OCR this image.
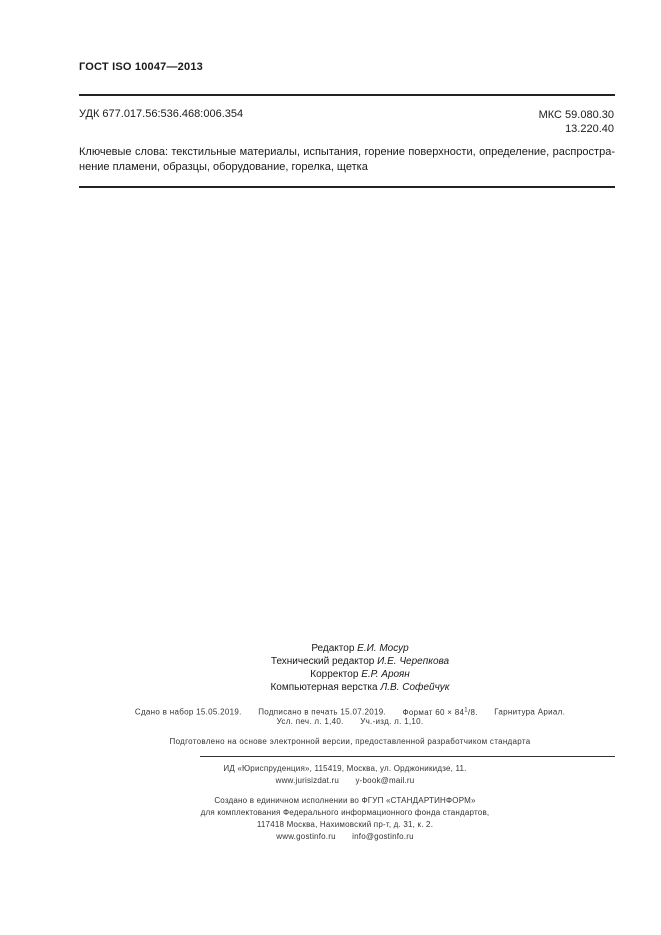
ГОСТ ISO 10047—2013
УДК 677.017.56:536.468:006.354	МКС 59.080.30
13.220.40
Ключевые слова: текстильные материалы, испытания, горение поверхности, определение, распростра- нение пламени, образцы, оборудование, горелка, щетка
Редактор Е.И. Мосур
Технический редактор И.Е. Черепкова
Корректор Е.Р. Ароян
Компьютерная верстка Л.В. Софейчук
Сдано в набор 15.05.2019. Подписано в печать 15.07.2019. Формат $60 \times 84^1/8$. Гарнитура Ариал.
Усл. печ. л. 1,40. Уч.-изд. л. 1,10.
Подготовлено на основе электронной версии, предоставленной разработчиком стандарта
ИД «Юриспруденция», 115419, Москва, ул. Орджоникидзе, 11.
www.jurisizdat.ru y-book@mail.ru
Создано в единичном исполнении во ФГУП «СТАНДАРТИНФОРМ»
для комплектования Федерального информационного фонда стандартов,
117418 Москва, Нахимовский пр-т, д. 31, к. 2.
www.gostinfo.ru info@gostinfo.ru
